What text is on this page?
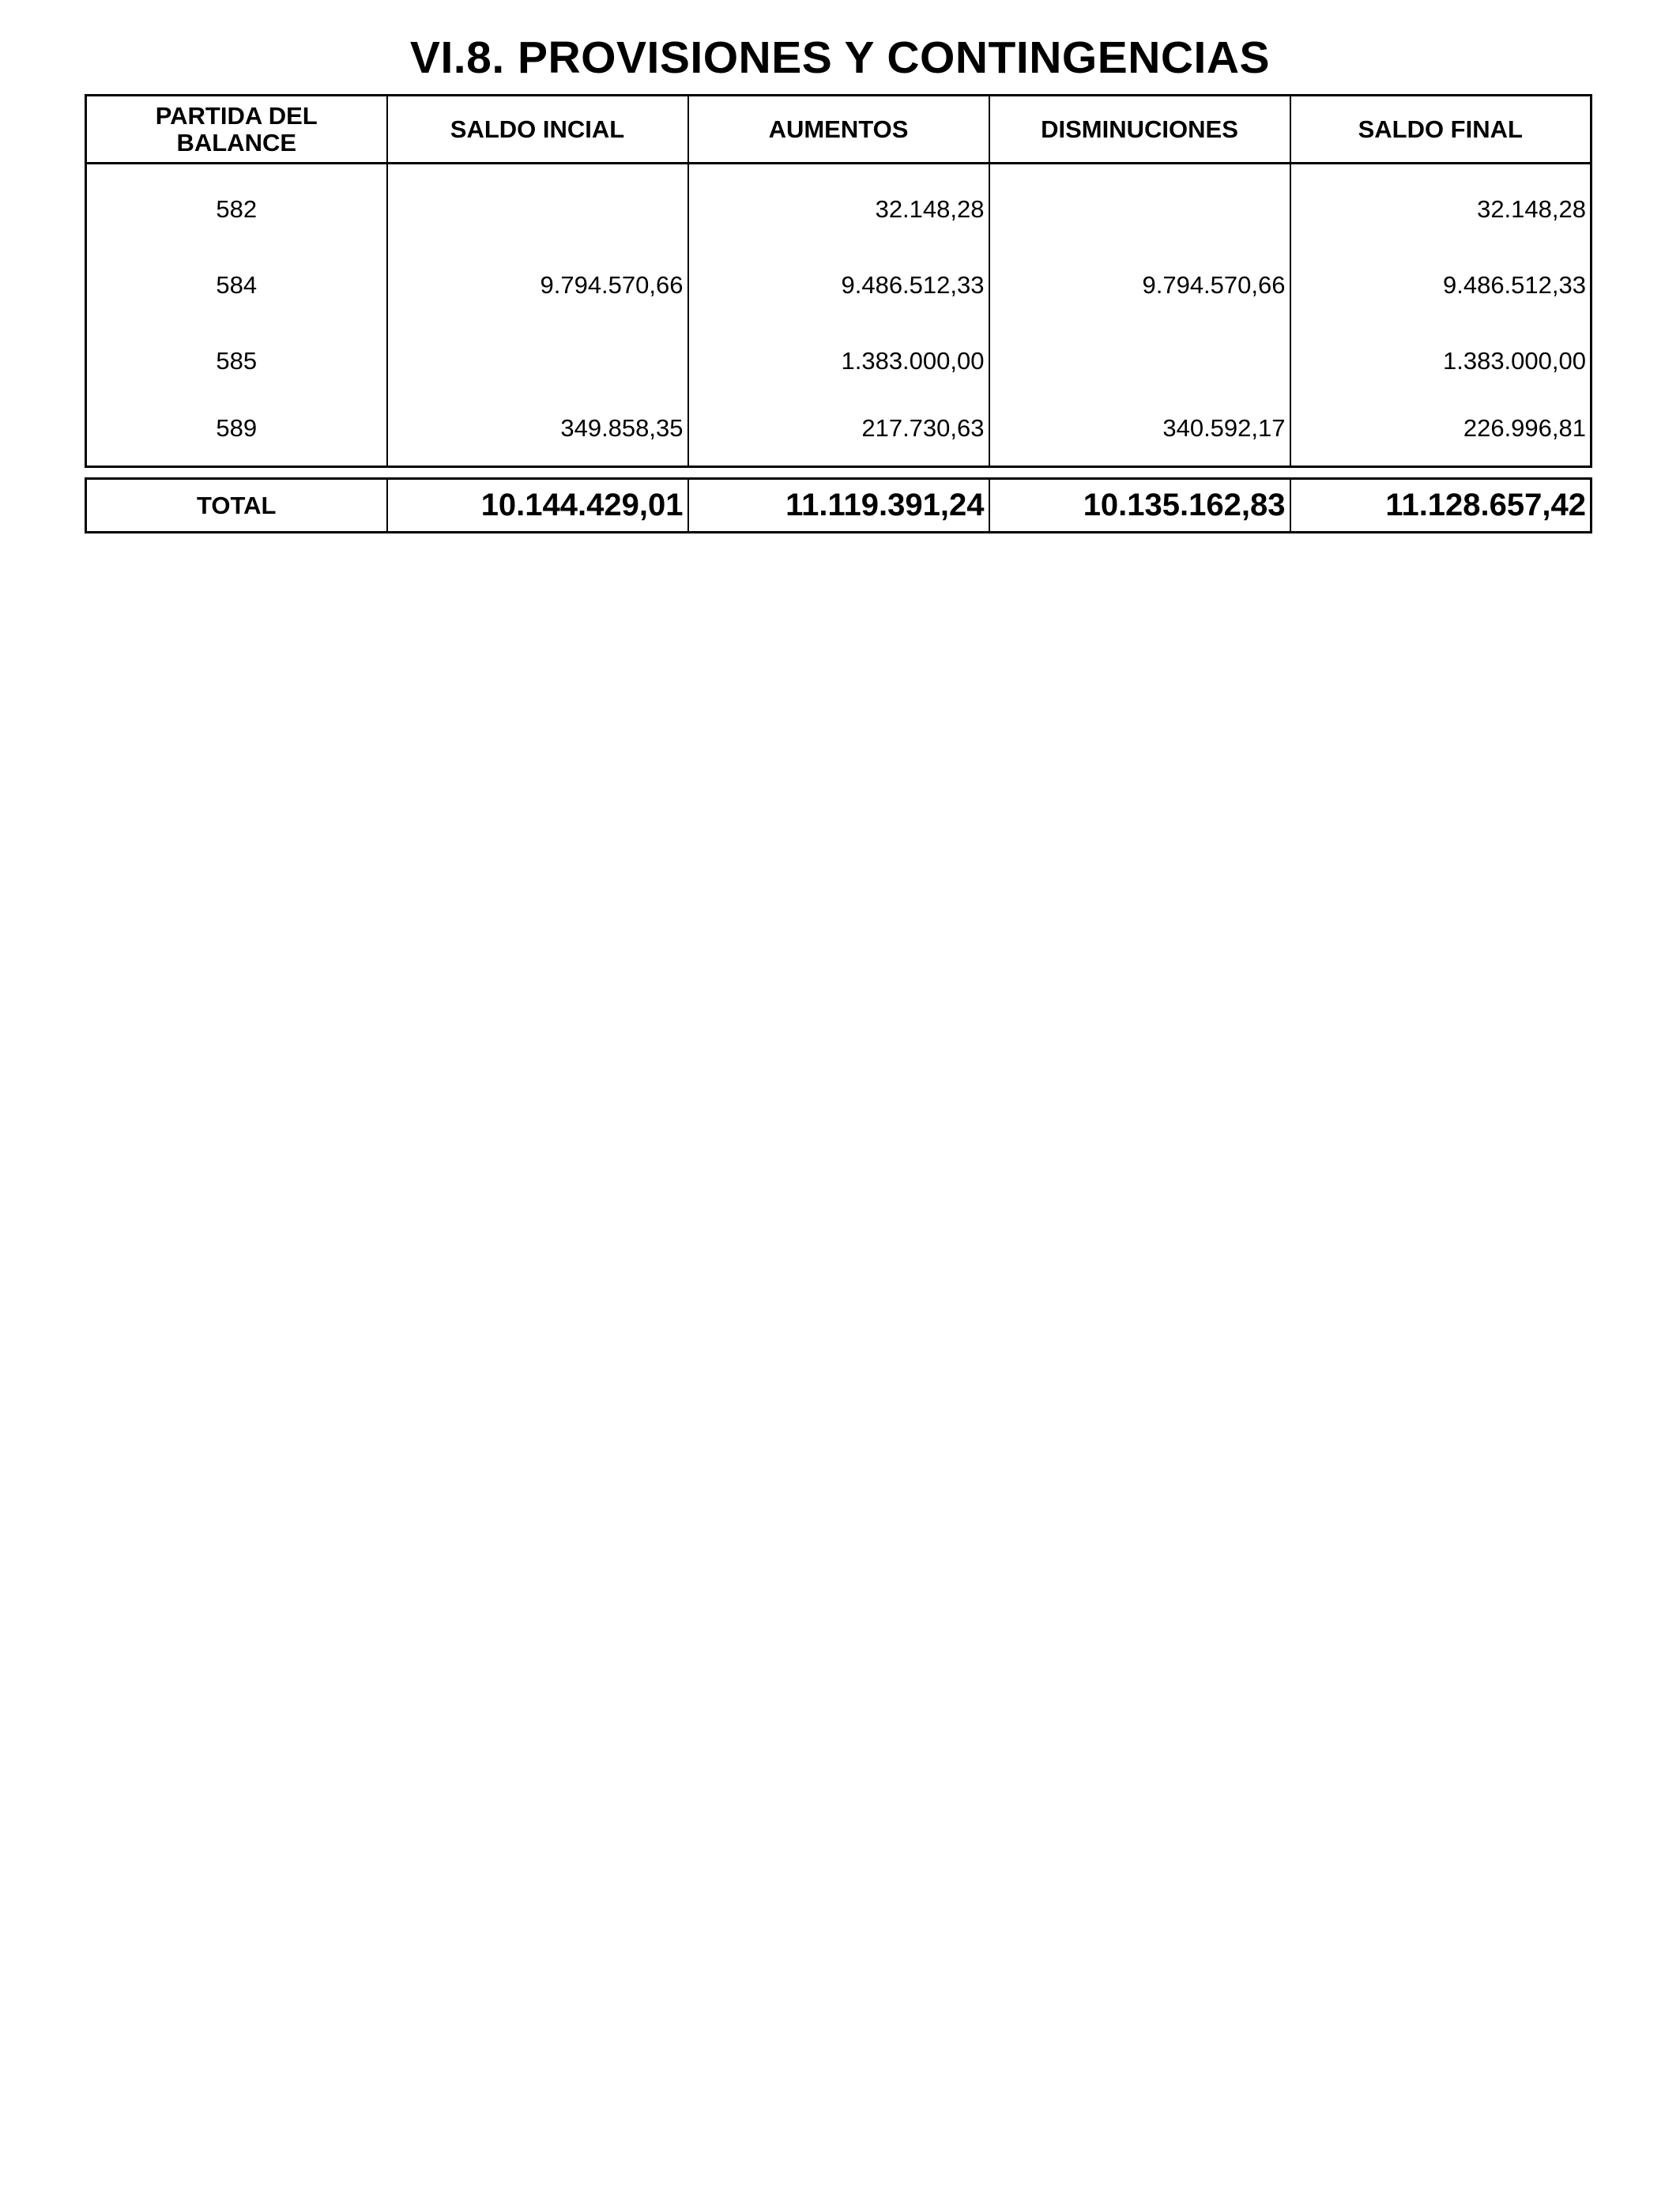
VI.8. PROVISIONES Y CONTINGENCIAS
PARTIDA DEL
BALANCE	SALDO INCIAL	AUMENTOS	DISMINUCIONES	SALDO FINAL
582		32.148,28		32.148,28
584	9.794.570,66	9.486.512,33	9.794.570,66	9.486.512,33
585		1.383.000,00		1.383.000,00
589	349.858,35	217.730,63	340.592,17	226.996,81
TOTAL	10.144.429,01	11.119.391,24	10.135.162,83	11.128.657,42
